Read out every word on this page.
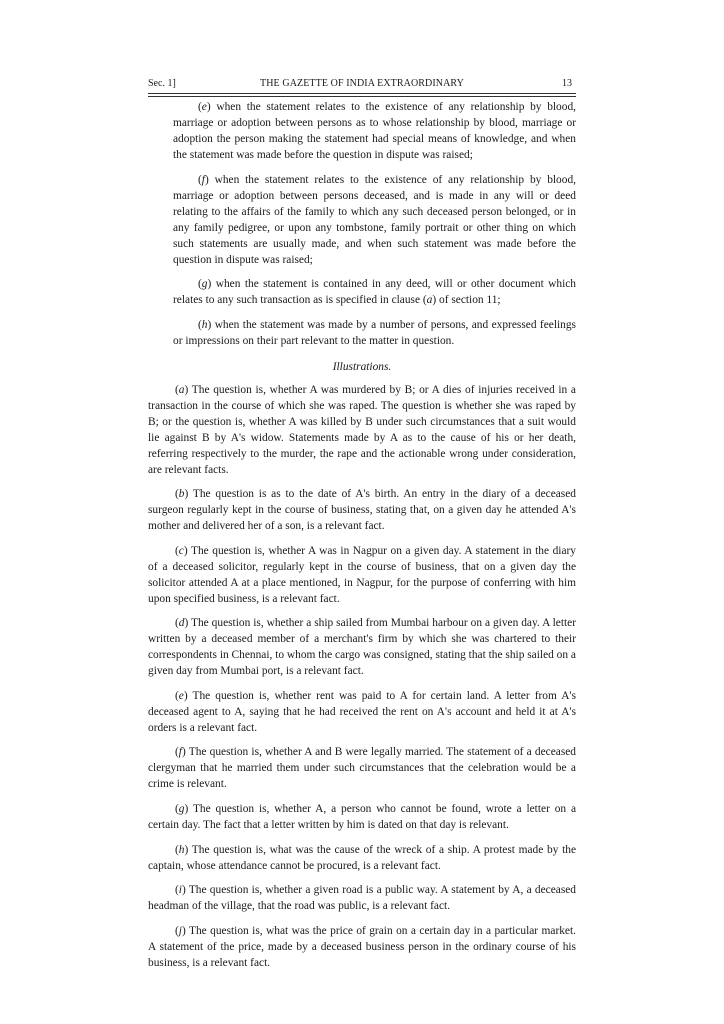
Sec. 1]	THE GAZETTE OF INDIA EXTRAORDINARY	13

(e) when the statement relates to the existence of any relationship by blood, marriage or adoption between persons as to whose relationship by blood, marriage or adoption the person making the statement had special means of knowledge, and when the statement was made before the question in dispute was raised;

(f) when the statement relates to the existence of any relationship by blood, marriage or adoption between persons deceased, and is made in any will or deed relating to the affairs of the family to which any such deceased person belonged, or in any family pedigree, or upon any tombstone, family portrait or other thing on which such statements are usually made, and when such statement was made before the question in dispute was raised;

(g) when the statement is contained in any deed, will or other document which relates to any such transaction as is specified in clause (a) of section 11;

(h) when the statement was made by a number of persons, and expressed feelings or impressions on their part relevant to the matter in question.

Illustrations.

(a) The question is, whether A was murdered by B; or A dies of injuries received in a transaction in the course of which she was raped. The question is whether she was raped by B; or the question is, whether A was killed by B under such circumstances that a suit would lie against B by A's widow. Statements made by A as to the cause of his or her death, referring respectively to the murder, the rape and the actionable wrong under consideration, are relevant facts.

(b) The question is as to the date of A's birth. An entry in the diary of a deceased surgeon regularly kept in the course of business, stating that, on a given day he attended A's mother and delivered her of a son, is a relevant fact.

(c) The question is, whether A was in Nagpur on a given day. A statement in the diary of a deceased solicitor, regularly kept in the course of business, that on a given day the solicitor attended A at a place mentioned, in Nagpur, for the purpose of conferring with him upon specified business, is a relevant fact.

(d) The question is, whether a ship sailed from Mumbai harbour on a given day. A letter written by a deceased member of a merchant's firm by which she was chartered to their correspondents in Chennai, to whom the cargo was consigned, stating that the ship sailed on a given day from Mumbai port, is a relevant fact.

(e) The question is, whether rent was paid to A for certain land. A letter from A's deceased agent to A, saying that he had received the rent on A's account and held it at A's orders is a relevant fact.

(f) The question is, whether A and B were legally married. The statement of a deceased clergyman that he married them under such circumstances that the celebration would be a crime is relevant.

(g) The question is, whether A, a person who cannot be found, wrote a letter on a certain day. The fact that a letter written by him is dated on that day is relevant.

(h) The question is, what was the cause of the wreck of a ship. A protest made by the captain, whose attendance cannot be procured, is a relevant fact.

(i) The question is, whether a given road is a public way. A statement by A, a deceased headman of the village, that the road was public, is a relevant fact.

(j) The question is, what was the price of grain on a certain day in a particular market. A statement of the price, made by a deceased business person in the ordinary course of his business, is a relevant fact.
